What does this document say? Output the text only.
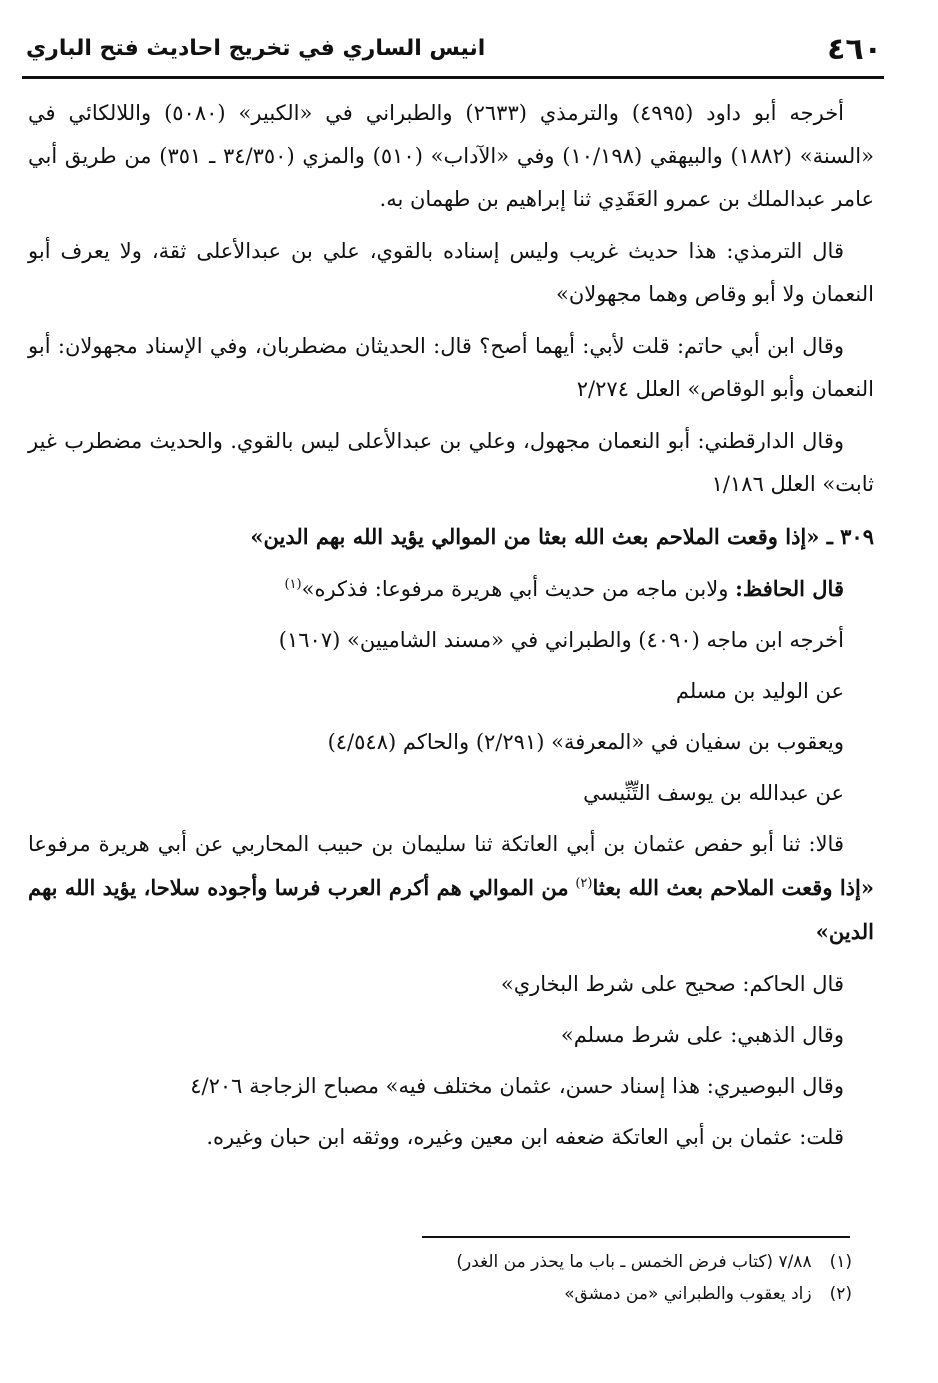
٤٦٠
انيس الساري في تخريج احاديث فتح الباري

أخرجه أبو داود (٤٩٩٥) والترمذي (٢٦٣٣) والطبراني في «الكبير» (٥٠٨٠) واللالكائي في «السنة» (١٨٨٢) والبيهقي (١٠/١٩٨) وفي «الآداب» (٥١٠) والمزي (٣٤/٣٥٠ ـ ٣٥١) من طريق أبي عامر عبدالملك بن عمرو العَقَدِي ثنا إبراهيم بن طهمان به.

قال الترمذي: هذا حديث غريب وليس إسناده بالقوي، علي بن عبدالأعلى ثقة، ولا يعرف أبو النعمان ولا أبو وقاص وهما مجهولان»

وقال ابن أبي حاتم: قلت لأبي: أيهما أصح؟ قال: الحديثان مضطربان، وفي الإسناد مجهولان: أبو النعمان وأبو الوقاص» العلل ٢/٢٧٤

وقال الدارقطني: أبو النعمان مجهول، وعلي بن عبدالأعلى ليس بالقوي. والحديث مضطرب غير ثابت» العلل ١/١٨٦

٣٠٩ ـ «إذا وقعت الملاحم بعث الله بعثا من الموالي يؤيد الله بهم الدين»

قال الحافظ: ولابن ماجه من حديث أبي هريرة مرفوعا: فذكره»$^{(١)}$

أخرجه ابن ماجه (٤٠٩٠) والطبراني في «مسند الشاميين» (١٦٠٧)

عن الوليد بن مسلم

ويعقوب بن سفيان في «المعرفة» (٢/٢٩١) والحاكم (٤/٥٤٨)

عن عبدالله بن يوسف التِّنِّيسي

قالا: ثنا أبو حفص عثمان بن أبي العاتكة ثنا سليمان بن حبيب المحاربي عن أبي هريرة مرفوعا «إذا وقعت الملاحم بعث الله بعثا$^{(٢)}$ من الموالي هم أكرم العرب فرسا وأجوده سلاحا، يؤيد الله بهم الدين»

قال الحاكم: صحيح على شرط البخاري»

وقال الذهبي: على شرط مسلم»

وقال البوصيري: هذا إسناد حسن، عثمان مختلف فيه» مصباح الزجاجة ٤/٢٠٦

قلت: عثمان بن أبي العاتكة ضعفه ابن معين وغيره، ووثقه ابن حبان وغيره.

(١)٧/٨٨ (كتاب فرض الخمس ـ باب ما يحذر من الغدر)

(٢)زاد يعقوب والطبراني «من دمشق»
